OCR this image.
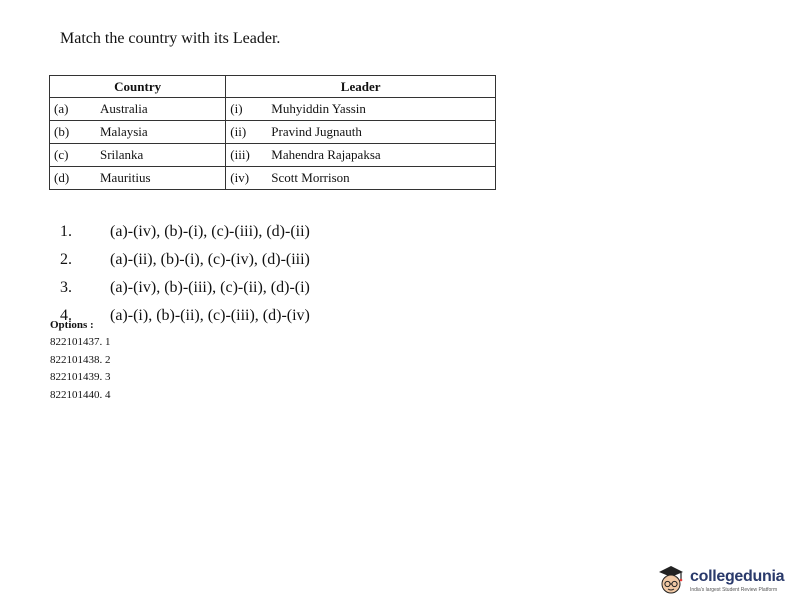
Match the country with its Leader.
Country	Leader
(a) Australia	(i) Muhyiddin Yassin
(b) Malaysia	(ii) Pravind Jugnauth
(c) Srilanka	(iii) Mahendra Rajapaksa
(d) Mauritius	(iv) Scott Morrison
1.	(a)-(iv), (b)-(i), (c)-(iii), (d)-(ii)
2.	(a)-(ii), (b)-(i), (c)-(iv), (d)-(iii)
3.	(a)-(iv), (b)-(iii), (c)-(ii), (d)-(i)
4.	(a)-(i), (b)-(ii), (c)-(iii), (d)-(iv)
Options :
822101437. 1
822101438. 2
822101439. 3
822101440. 4
collegedunia
India's largest Student Review Platform
